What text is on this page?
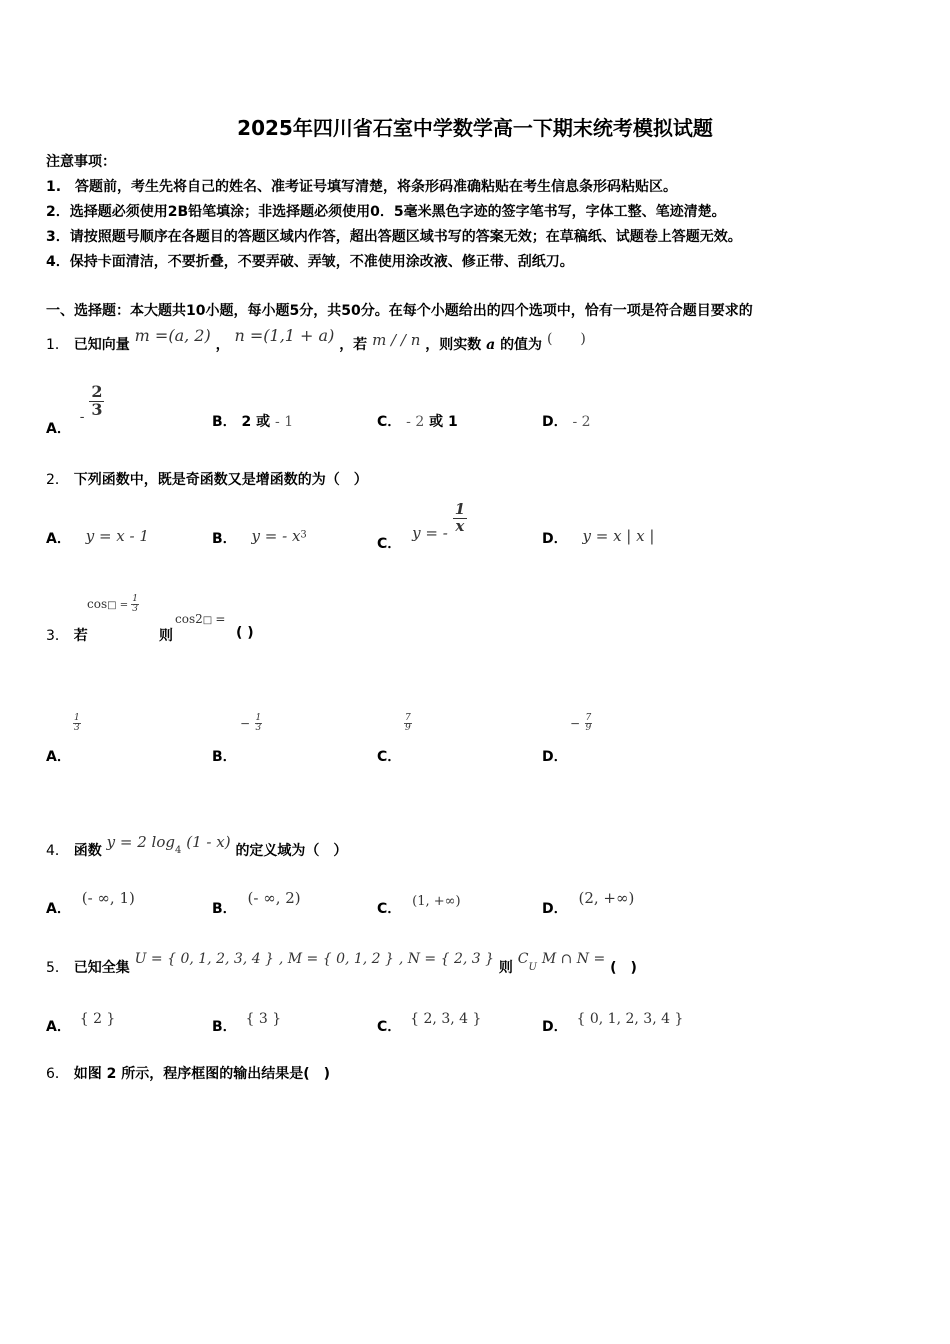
2025年四川省石室中学数学高一下期末统考模拟试题
注意事项：
1.　答题前，考生先将自己的姓名、准考证号填写清楚，将条形码准确粘贴在考生信息条形码粘贴区。
2．选择题必须使用2B铅笔填涂；非选择题必须使用0．5毫米黑色字迹的签字笔书写，字体工整、笔迹清楚。
3．请按照题号顺序在各题目的答题区域内作答，超出答题区域书写的答案无效；在草稿纸、试题卷上答题无效。
4．保持卡面清洁，不要折叠，不要弄破、弄皱，不准使用涂改液、修正带、刮纸刀。
一、选择题：本大题共10小题，每小题5分，共50分。在每个小题给出的四个选项中，恰有一项是符合题目要求的
1． 已知向量 m =(a, 2) ， n =(1,1 + a) ，若 m / / n ，则实数 a 的值为 (　　)
A． - $\frac{2}{3}$
B． 2 或 - 1	C． - 2 或 1	D． - 2
2． 下列函数中，既是奇函数又是增函数的为（　）
A． y = x - 1	B． y = - $x^3$
C． y = - $\frac{1}{x}$
D． y = x | x |
3． 若
cos□ = $\frac{1}{3}$
则
cos2□ =
( )
A．
$\frac{1}{3}$
B．
− $\frac{1}{3}$
C．
$\frac{7}{9}$
D．
− $\frac{7}{9}$
4． 函数 y = 2 $\log_4 (1 - x)$ 的定义域为（　）
A． (- ∞, 1)
B． (- ∞, 2)
C． (1, +∞)	D． (2, +∞)
5． 已知全集 U = { 0, 1, 2, 3, 4 } , M = { 0, 1, 2 } , N = { 2, 3 } 则 $C_U$ M ∩ N = (　)
A． { 2 }	B． { 3 }	C． { 2, 3, 4 }	D． { 0, 1, 2, 3, 4 }
6． 如图 2 所示，程序框图的输出结果是(　)
